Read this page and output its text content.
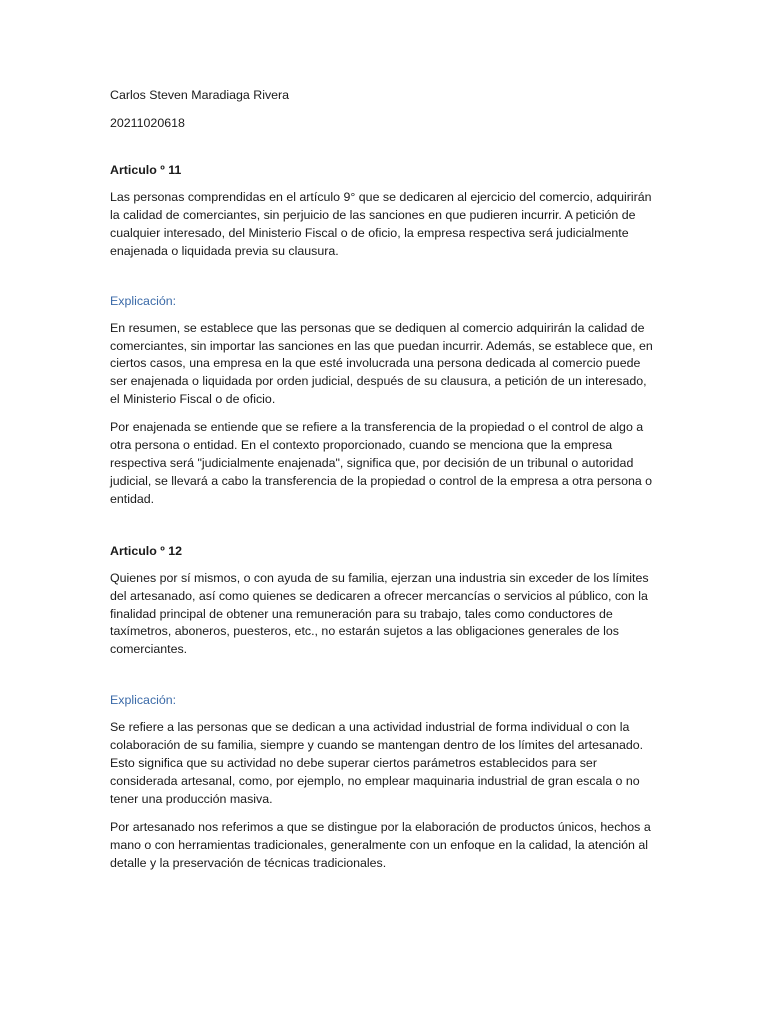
Carlos Steven Maradiaga Rivera

20211020618

Articulo º 11

Las personas comprendidas en el artículo 9° que se dedicaren al ejercicio del comercio, adquirirán la calidad de comerciantes, sin perjuicio de las sanciones en que pudieren incurrir. A petición de cualquier interesado, del Ministerio Fiscal o de oficio, la empresa respectiva será judicialmente enajenada o liquidada previa su clausura.

Explicación:

En resumen, se establece que las personas que se dediquen al comercio adquirirán la calidad de comerciantes, sin importar las sanciones en las que puedan incurrir. Además, se establece que, en ciertos casos, una empresa en la que esté involucrada una persona dedicada al comercio puede ser enajenada o liquidada por orden judicial, después de su clausura, a petición de un interesado, el Ministerio Fiscal o de oficio.

Por enajenada se entiende que se refiere a la transferencia de la propiedad o el control de algo a otra persona o entidad. En el contexto proporcionado, cuando se menciona que la empresa respectiva será "judicialmente enajenada", significa que, por decisión de un tribunal o autoridad judicial, se llevará a cabo la transferencia de la propiedad o control de la empresa a otra persona o entidad.

Articulo º 12

Quienes por sí mismos, o con ayuda de su familia, ejerzan una industria sin exceder de los límites del artesanado, así como quienes se dedicaren a ofrecer mercancías o servicios al público, con la finalidad principal de obtener una remuneración para su trabajo, tales como conductores de taxímetros, aboneros, puesteros, etc., no estarán sujetos a las obligaciones generales de los comerciantes.

Explicación:

Se refiere a las personas que se dedican a una actividad industrial de forma individual o con la colaboración de su familia, siempre y cuando se mantengan dentro de los límites del artesanado. Esto significa que su actividad no debe superar ciertos parámetros establecidos para ser considerada artesanal, como, por ejemplo, no emplear maquinaria industrial de gran escala o no tener una producción masiva.

Por artesanado nos referimos a que se distingue por la elaboración de productos únicos, hechos a mano o con herramientas tradicionales, generalmente con un enfoque en la calidad, la atención al detalle y la preservación de técnicas tradicionales.
